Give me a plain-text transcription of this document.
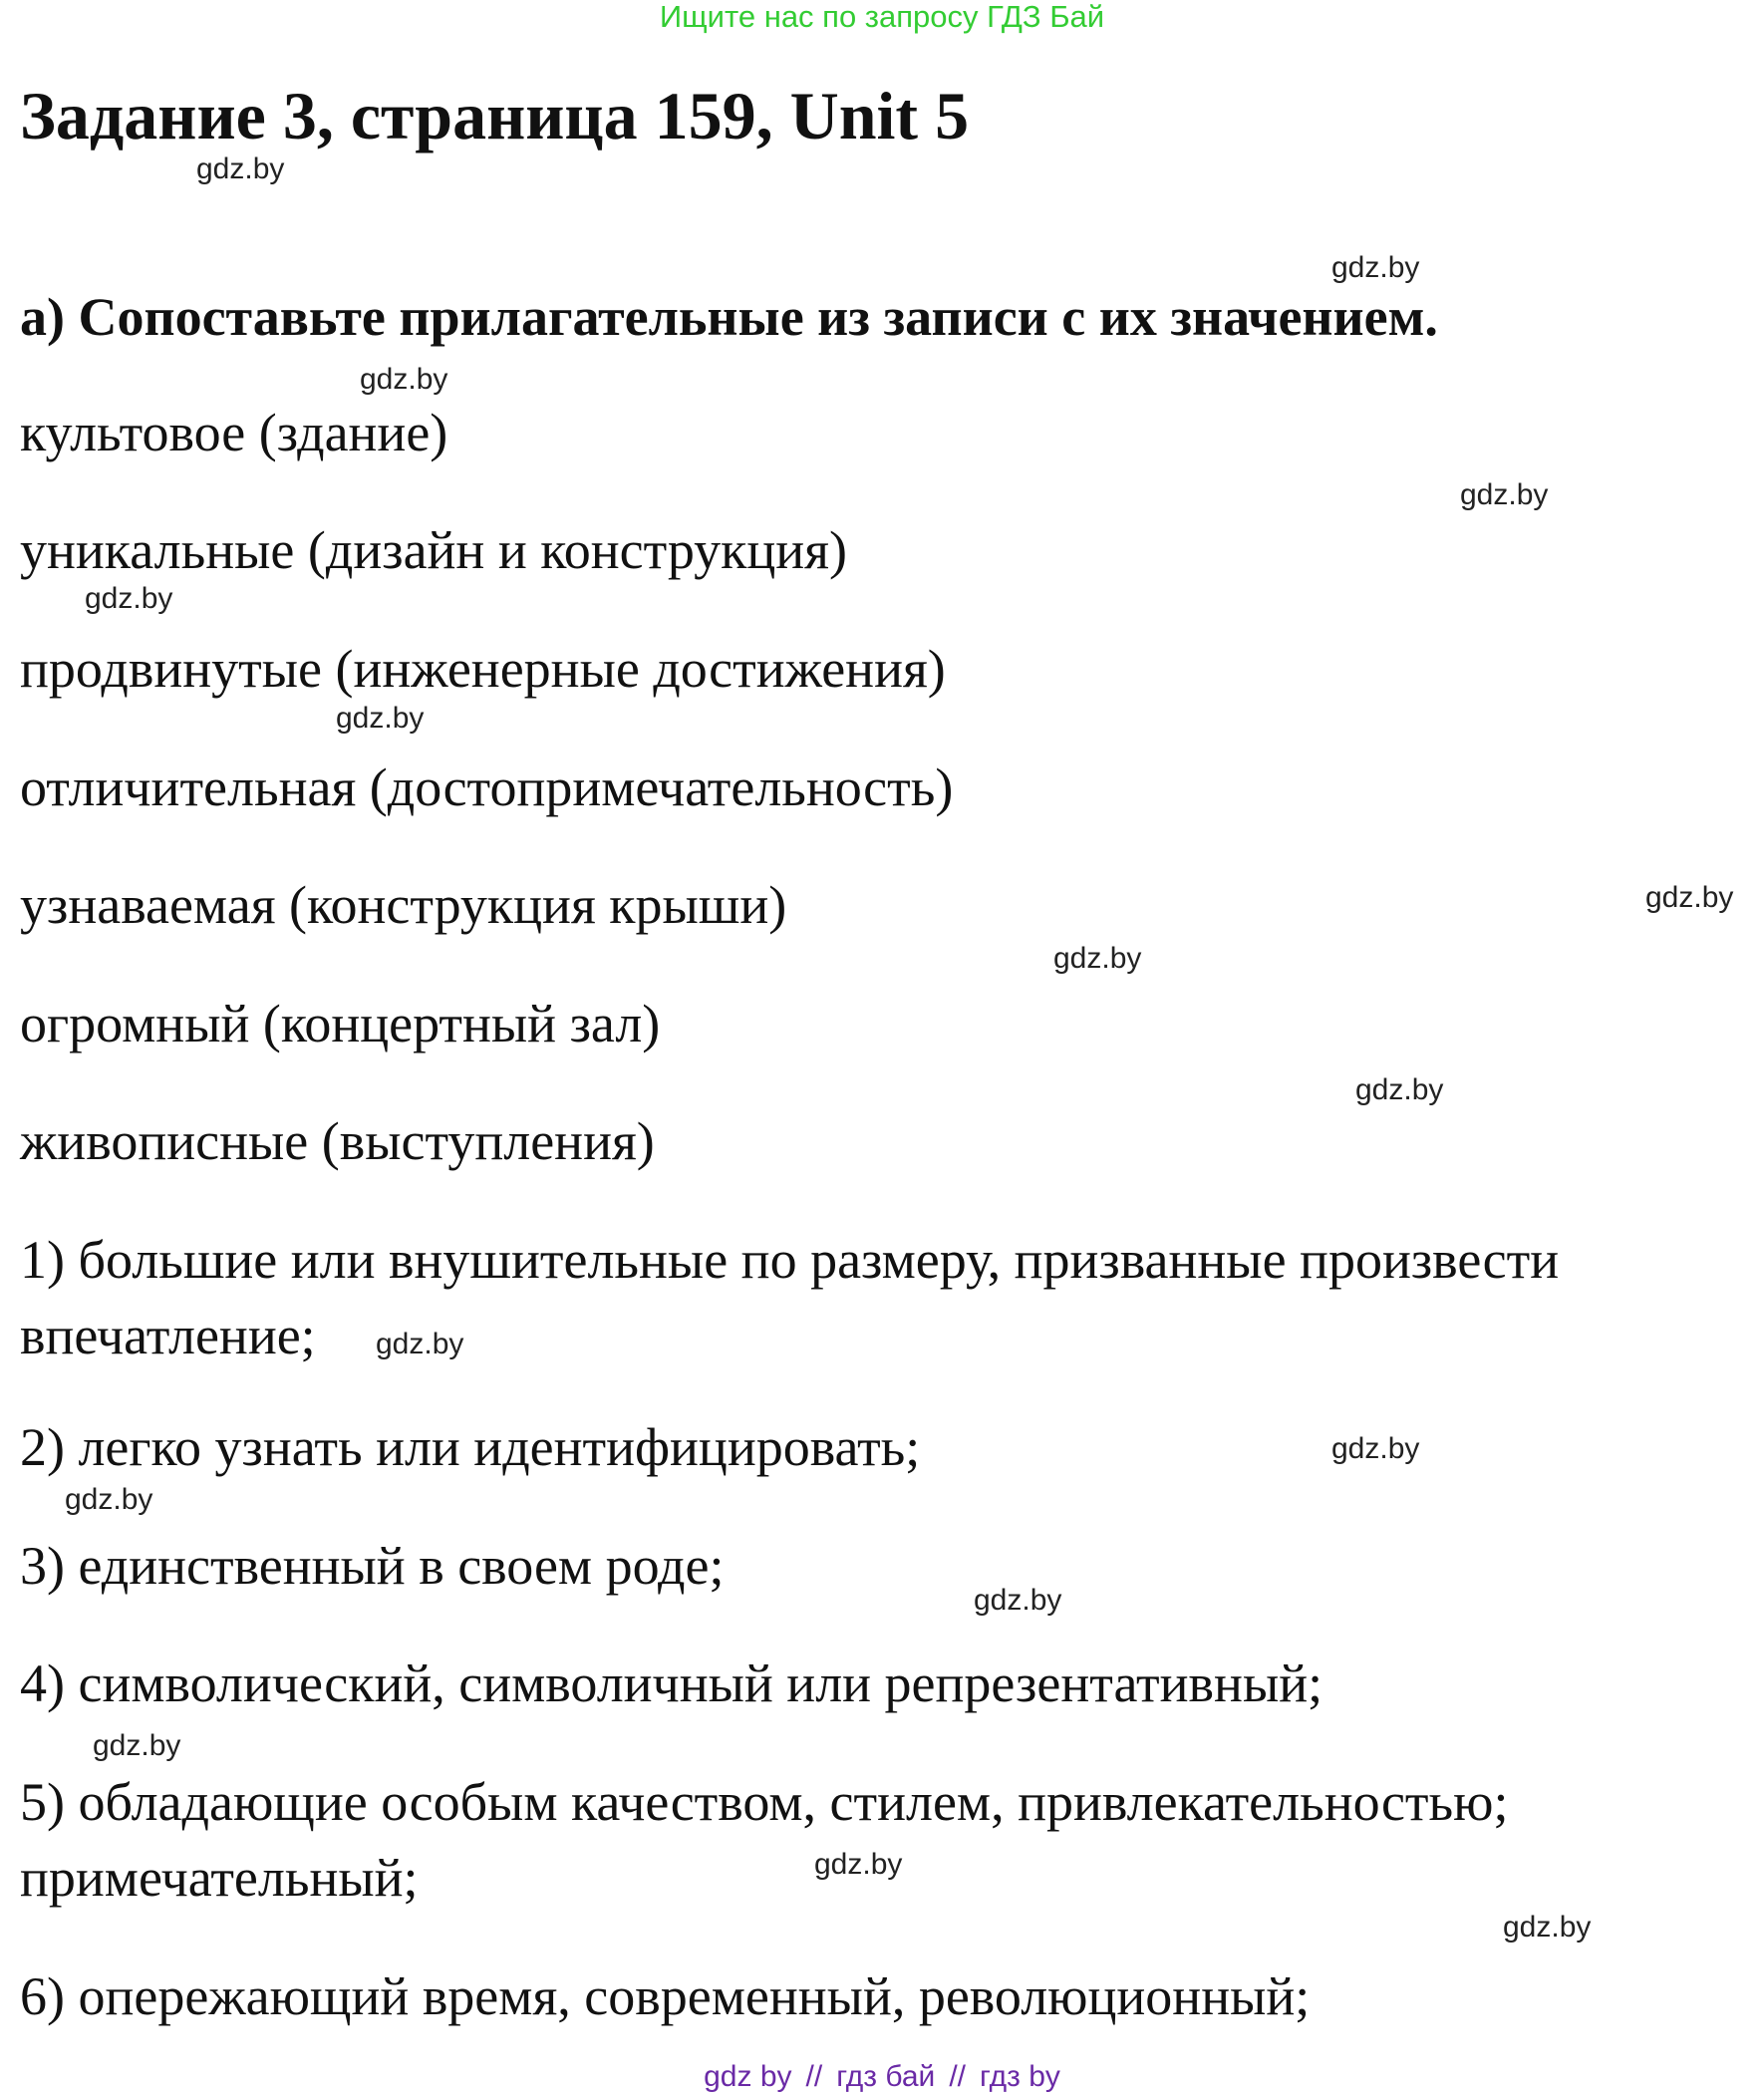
Ищите нас по запросу ГДЗ Бай
Задание 3, страница 159, Unit 5
а) Сопоставьте прилагательные из записи с их значением.

культовое (здание)

уникальные (дизайн и конструкция)

продвинутые (инженерные достижения)

отличительная (достопримечательность)

узнаваемая (конструкция крыши)

огромный (концертный зал)

живописные (выступления)

1) большие или внушительные по размеру, призванные произвести

впечатление;

2) легко узнать или идентифицировать;

3) единственный в своем роде;

4) символический, символичный или репрезентативный;

5) обладающие особым качеством, стилем, привлекательностью;

примечательный;

6) опережающий время, современный, революционный;

gdz.by
gdz.by
gdz.by
gdz.by
gdz.by
gdz.by
gdz.by
gdz.by
gdz.by
gdz.by
gdz.by
gdz.by
gdz.by
gdz.by
gdz.by
gdz.by
gdz by // гдз бай // гдз by
